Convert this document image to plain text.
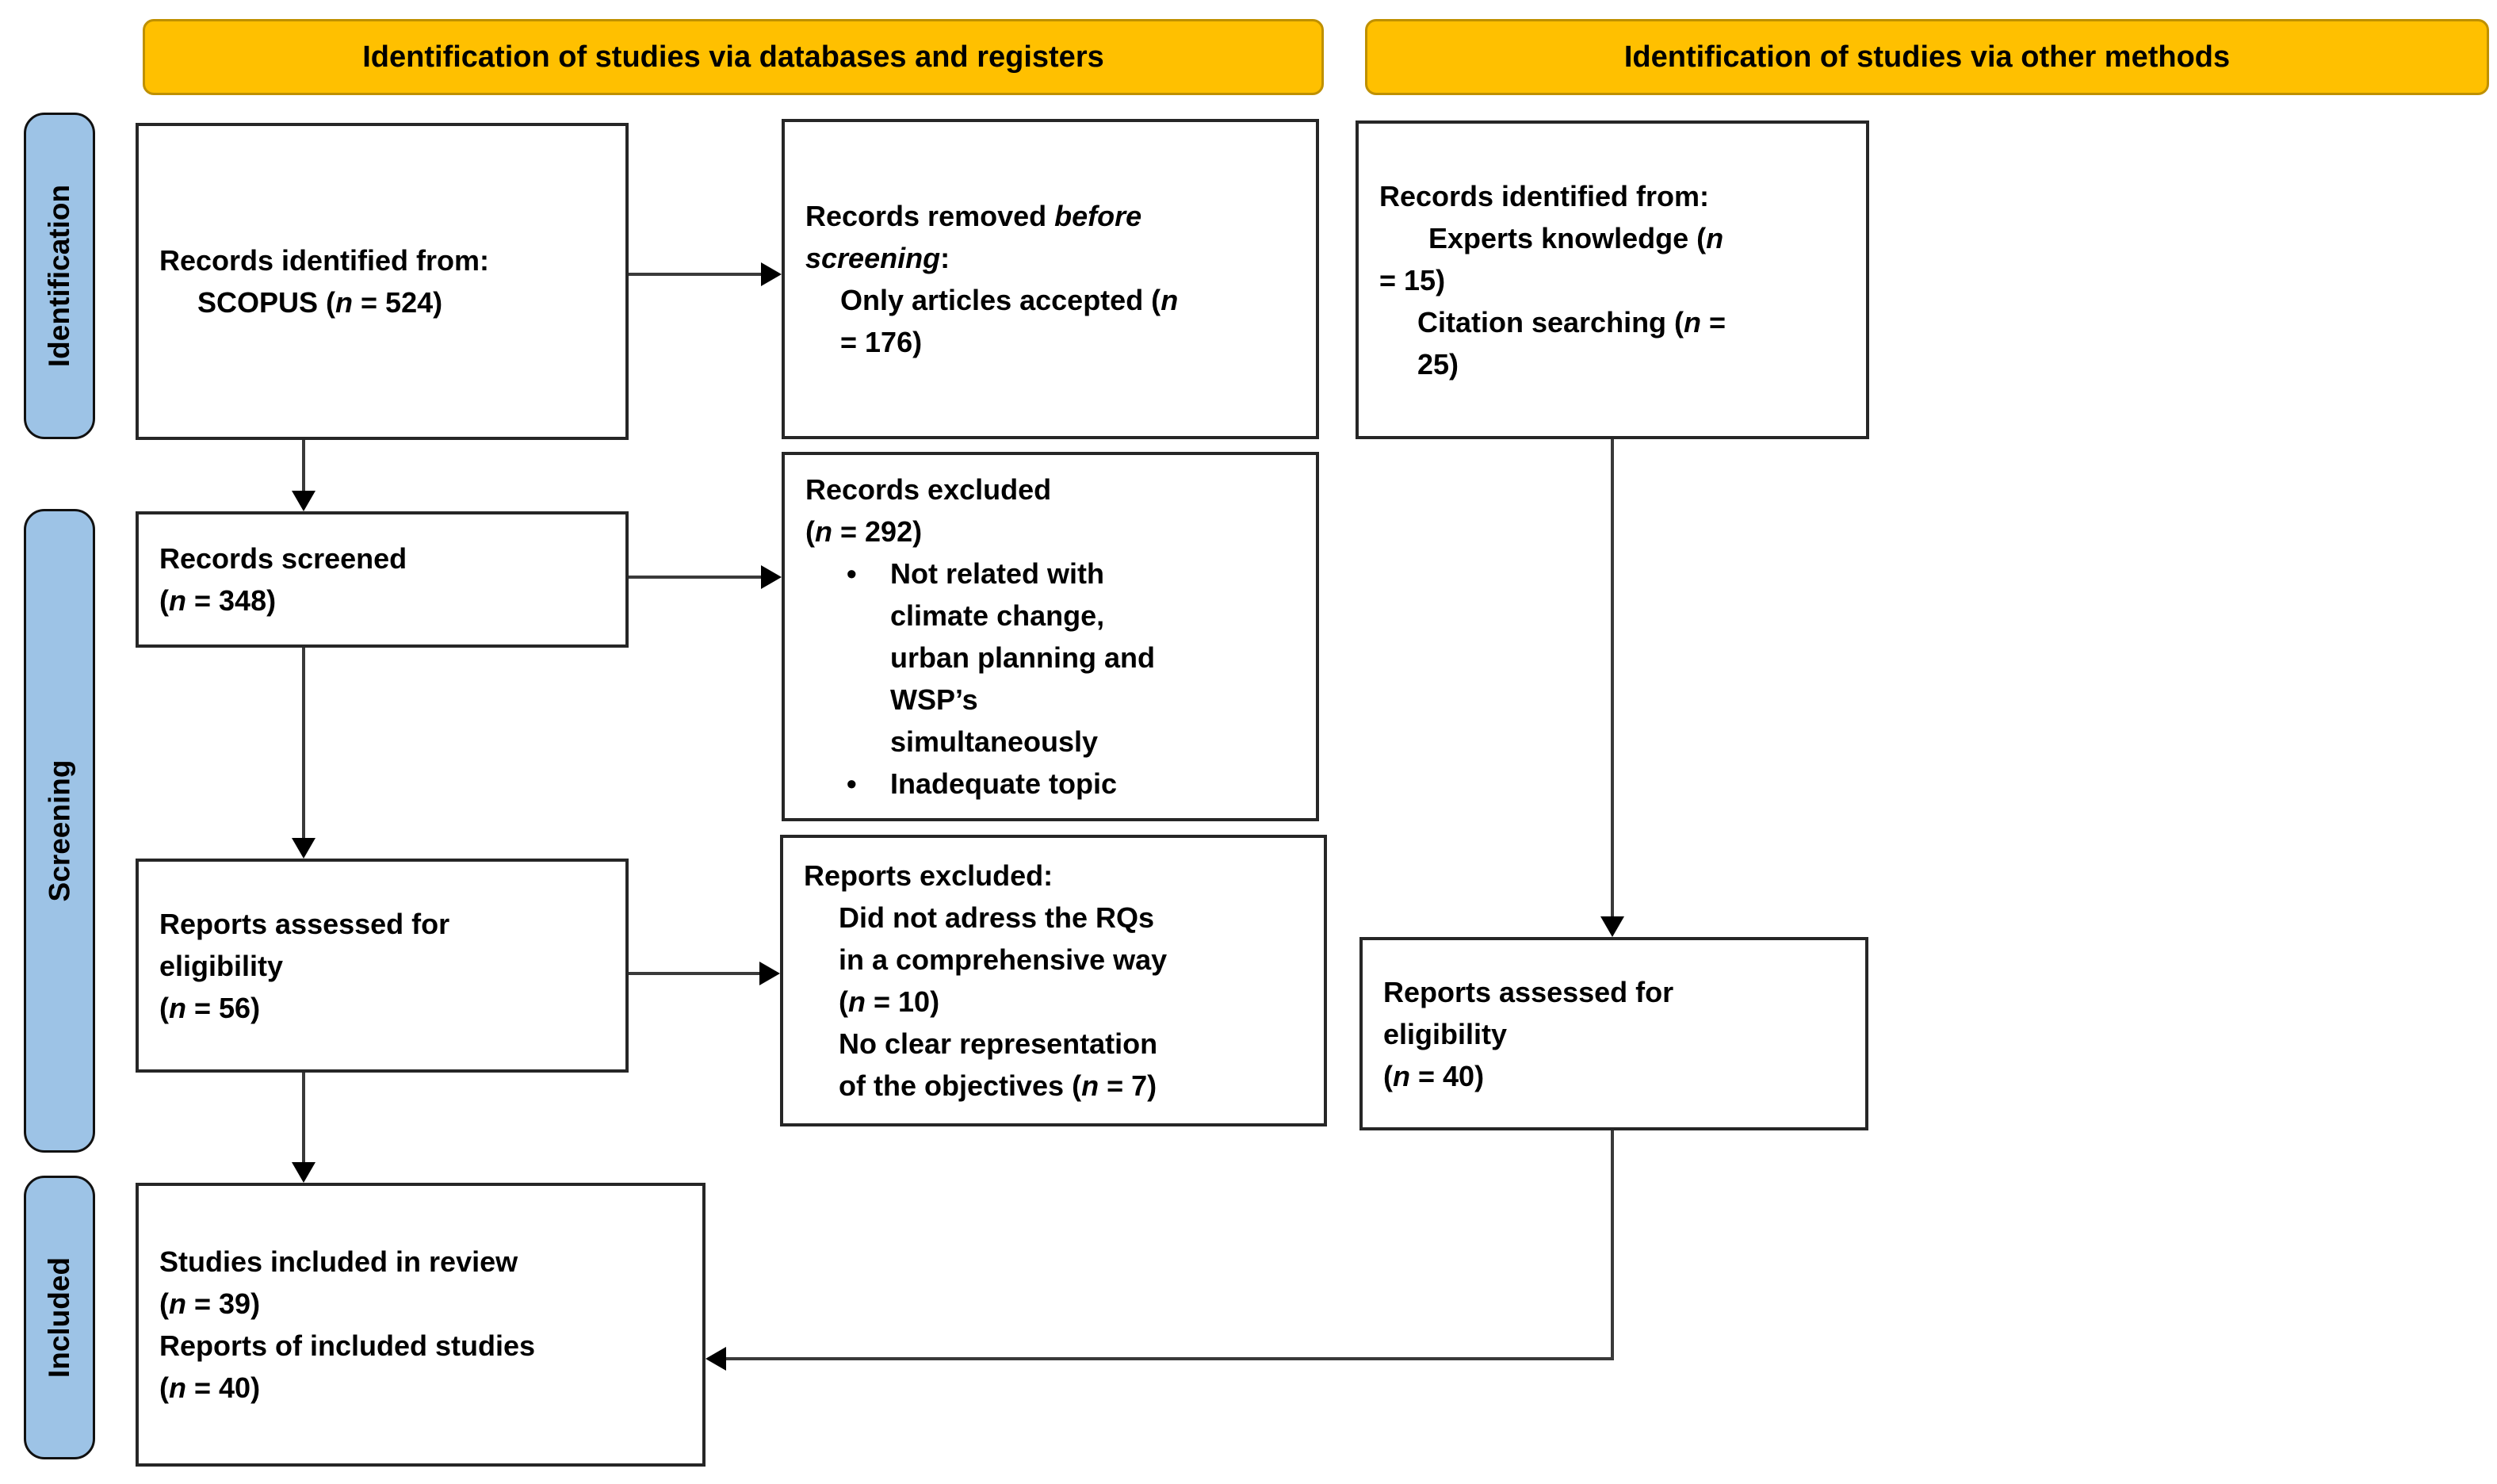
Identification of studies via databases and registers	Identification of studies via other methods
Identification
Screening
Included
Records identified from:
SCOPUS (n = 524)
Records removed before
screening:
Only articles accepted (n
= 176)
Records identified from:
Experts knowledge (n
= 15)
Citation searching (n =
25)
Records screened
(n = 348)
Records excluded
(n = 292)
• Not related with
climate change,
urban planning and
WSP’s
simultaneously
• Inadequate topic
Reports assessed for
eligibility
(n = 56)
Reports excluded:
Did not adress the RQs
in a comprehensive way
(n = 10)
No clear representation
of the objectives (n = 7)
Reports assessed for
eligibility
(n = 40)
Studies included in review
(n = 39)
Reports of included studies
(n = 40)
